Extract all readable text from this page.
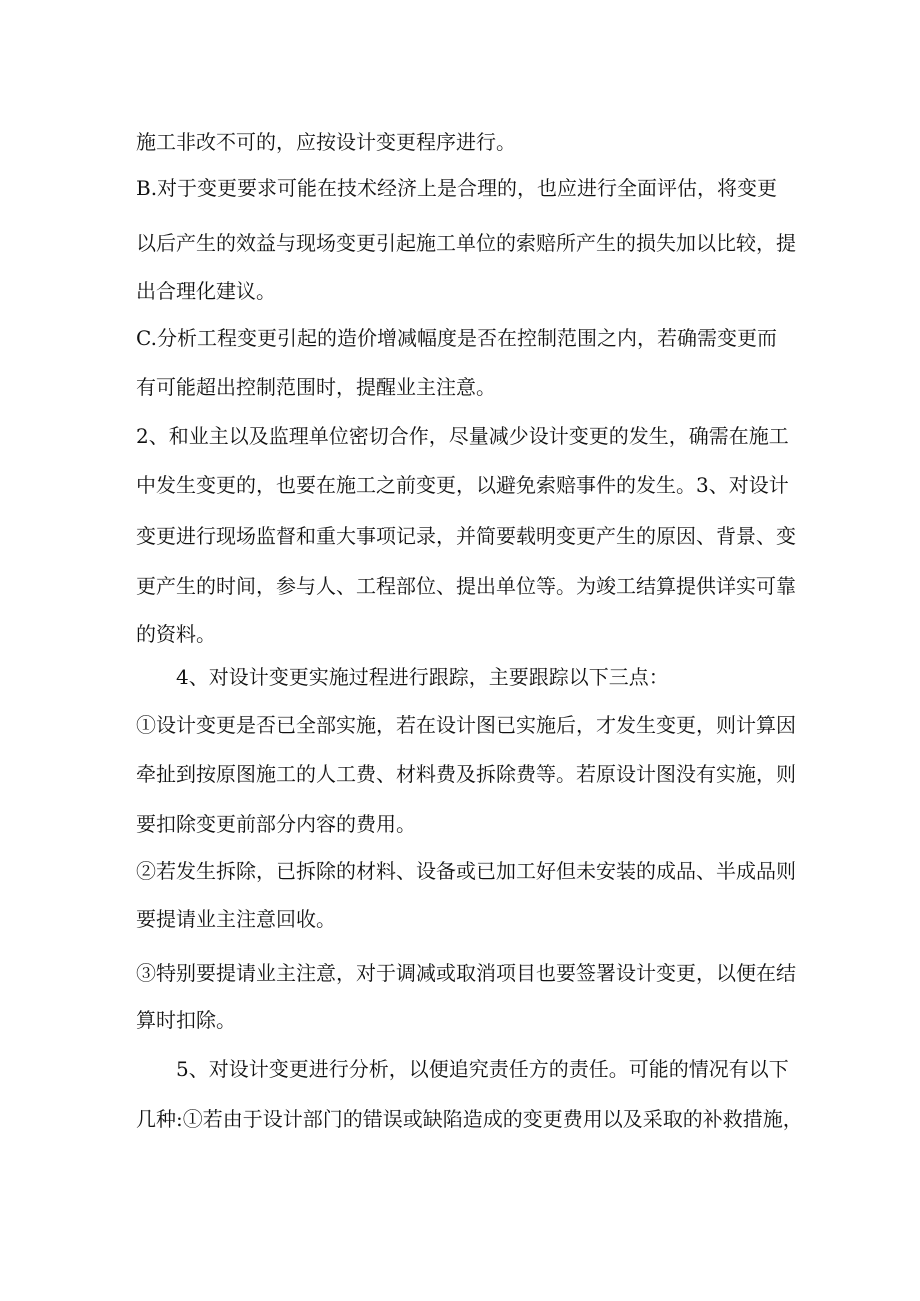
施工非改不可的，应按设计变更程序进行。
B.对于变更要求可能在技术经济上是合理的，也应进行全面评估，将变更
以后产生的效益与现场变更引起施工单位的索赔所产生的损失加以比较，提
出合理化建议。
C.分析工程变更引起的造价增减幅度是否在控制范围之内，若确需变更而
有可能超出控制范围时，提醒业主注意。
2、和业主以及监理单位密切合作，尽量减少设计变更的发生，确需在施工
中发生变更的，也要在施工之前变更，以避免索赔事件的发生。3、对设计
变更进行现场监督和重大事项记录，并简要载明变更产生的原因、背景、变
更产生的时间，参与人、工程部位、提出单位等。为竣工结算提供详实可靠
的资料。
4、对设计变更实施过程进行跟踪，主要跟踪以下三点：
①设计变更是否已全部实施，若在设计图已实施后，才发生变更，则计算因
牵扯到按原图施工的人工费、材料费及拆除费等。若原设计图没有实施，则
要扣除变更前部分内容的费用。
②若发生拆除，已拆除的材料、设备或已加工好但未安装的成品、半成品则
要提请业主注意回收。
③特别要提请业主注意，对于调减或取消项目也要签署设计变更，以便在结
算时扣除。
5、对设计变更进行分析，以便追究责任方的责任。可能的情况有以下
几种:①若由于设计部门的错误或缺陷造成的变更费用以及采取的补救措施，
